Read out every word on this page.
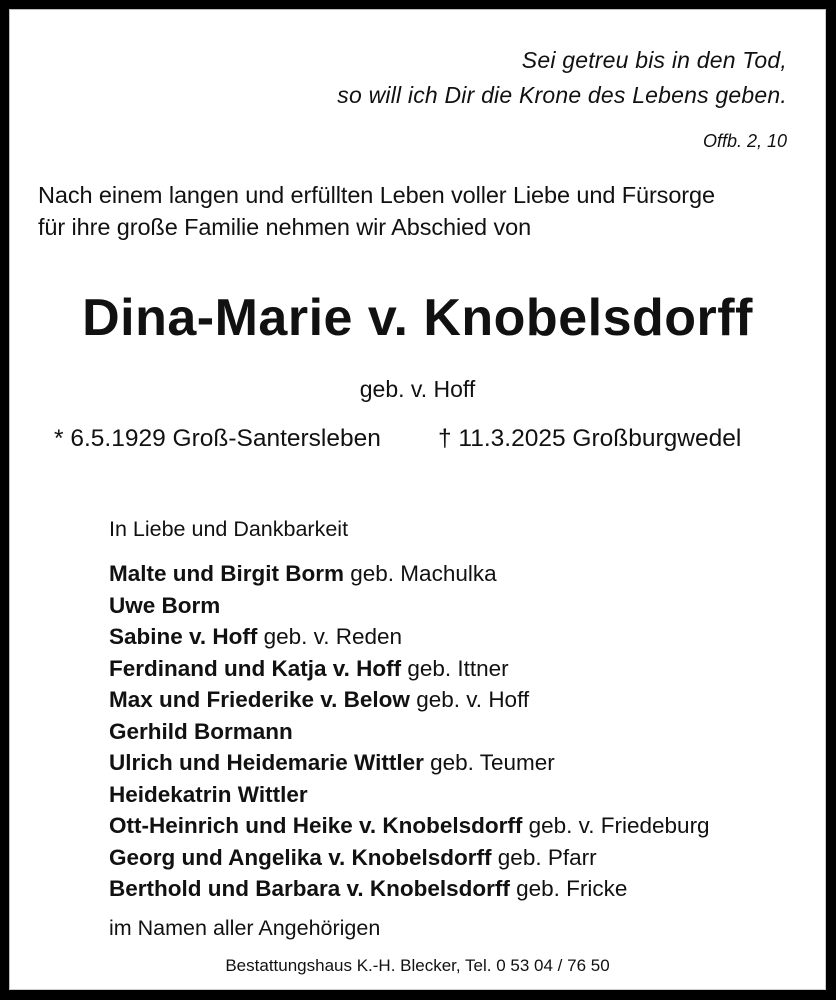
Sei getreu bis in den Tod,
so will ich Dir die Krone des Lebens geben.
Offb. 2, 10
Nach einem langen und erfüllten Leben voller Liebe und Fürsorge
für ihre große Familie nehmen wir Abschied von
Dina-Marie v. Knobelsdorff
geb. v. Hoff
* 6.5.1929 Groß-Santersleben † 11.3.2025 Großburgwedel
In Liebe und Dankbarkeit
Malte und Birgit Borm geb. Machulka
Uwe Borm
Sabine v. Hoff geb. v. Reden
Ferdinand und Katja v. Hoff geb. Ittner
Max und Friederike v. Below geb. v. Hoff
Gerhild Bormann
Ulrich und Heidemarie Wittler geb. Teumer
Heidekatrin Wittler
Ott-Heinrich und Heike v. Knobelsdorff geb. v. Friedeburg
Georg und Angelika v. Knobelsdorff geb. Pfarr
Berthold und Barbara v. Knobelsdorff geb. Fricke
im Namen aller Angehörigen
Bestattungshaus K.-H. Blecker, Tel. 0 53 04 / 76 50
